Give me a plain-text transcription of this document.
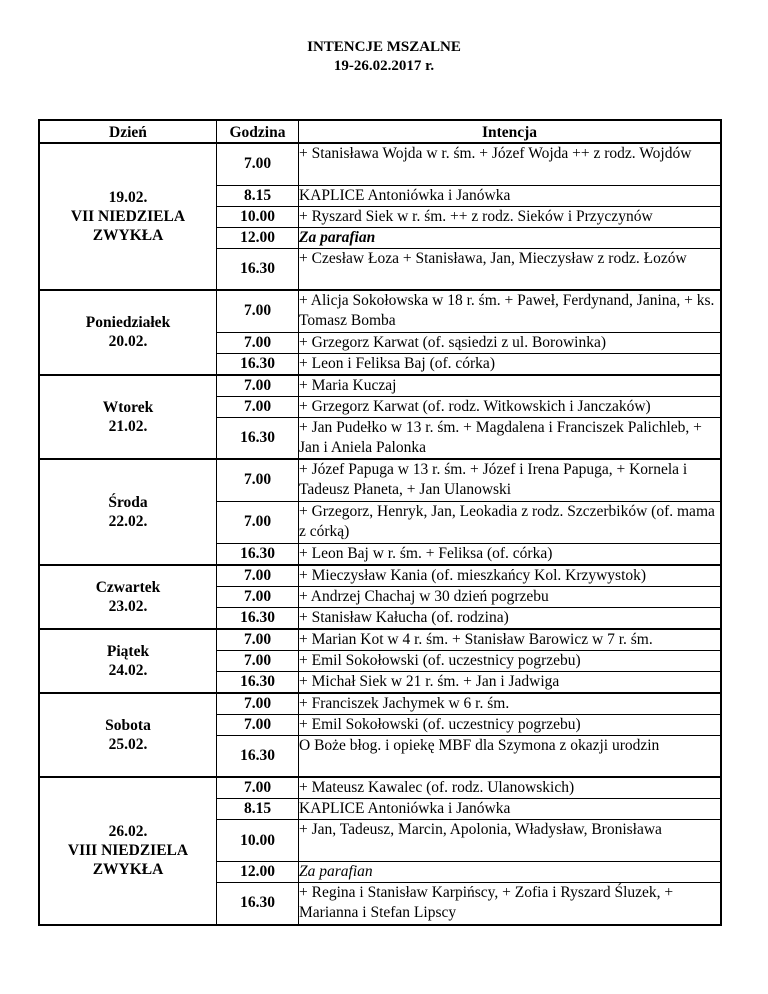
INTENCJE MSZALNE
19-26.02.2017 r.
Dzień	Godzina	Intencja

19.02.
VII NIEDZIELA
ZWYKŁA	7.00	+ Stanisława Wojda w r. śm. + Józef Wojda ++ z rodz. Wojdów
	8.15	KAPLICE Antoniówka i Janówka
	10.00	+ Ryszard Siek w r. śm. ++ z rodz. Sieków i Przyczynów
	12.00	Za parafian
	16.30	+ Czesław Łoza + Stanisława, Jan, Mieczysław z rodz. Łozów

Poniedziałek
20.02.	7.00	+ Alicja Sokołowska w 18 r. śm. + Paweł, Ferdynand, Janina, + ks. Tomasz Bomba
	7.00	+ Grzegorz Karwat (of. sąsiedzi z ul. Borowinka)
	16.30	+ Leon i Feliksa Baj (of. córka)

Wtorek
21.02.	7.00	+ Maria Kuczaj
	7.00	+ Grzegorz Karwat (of. rodz. Witkowskich i Janczaków)
	16.30	+ Jan Pudełko w 13 r. śm. + Magdalena i Franciszek Palichleb, + Jan i Aniela Palonka

Środa
22.02.	7.00	+ Józef Papuga w 13 r. śm. + Józef i Irena Papuga, + Kornela i Tadeusz Płaneta, + Jan Ulanowski
	7.00	+ Grzegorz, Henryk, Jan, Leokadia z rodz. Szczerbików (of. mama z córką)
	16.30	+ Leon Baj w r. śm. + Feliksa (of. córka)

Czwartek
23.02.	7.00	+ Mieczysław Kania (of. mieszkańcy Kol. Krzywystok)
	7.00	+ Andrzej Chachaj w 30 dzień pogrzebu
	16.30	+ Stanisław Kałucha (of. rodzina)

Piątek
24.02.	7.00	+ Marian Kot w 4 r. śm. + Stanisław Barowicz w 7 r. śm.
	7.00	+ Emil Sokołowski (of. uczestnicy pogrzebu)
	16.30	+ Michał Siek w 21 r. śm. + Jan i Jadwiga

Sobota
25.02.	7.00	+ Franciszek Jachymek w 6 r. śm.
	7.00	+ Emil Sokołowski (of. uczestnicy pogrzebu)
	16.30	O Boże błog. i opiekę MBF dla Szymona z okazji urodzin

26.02.
VIII NIEDZIELA
ZWYKŁA	7.00	+ Mateusz Kawalec (of. rodz. Ulanowskich)
	8.15	KAPLICE Antoniówka i Janówka
	10.00	+ Jan, Tadeusz, Marcin, Apolonia, Władysław, Bronisława
	12.00	Za parafian
	16.30	+ Regina i Stanisław Karpińscy, + Zofia i Ryszard Śluzek, + Marianna i Stefan Lipscy
